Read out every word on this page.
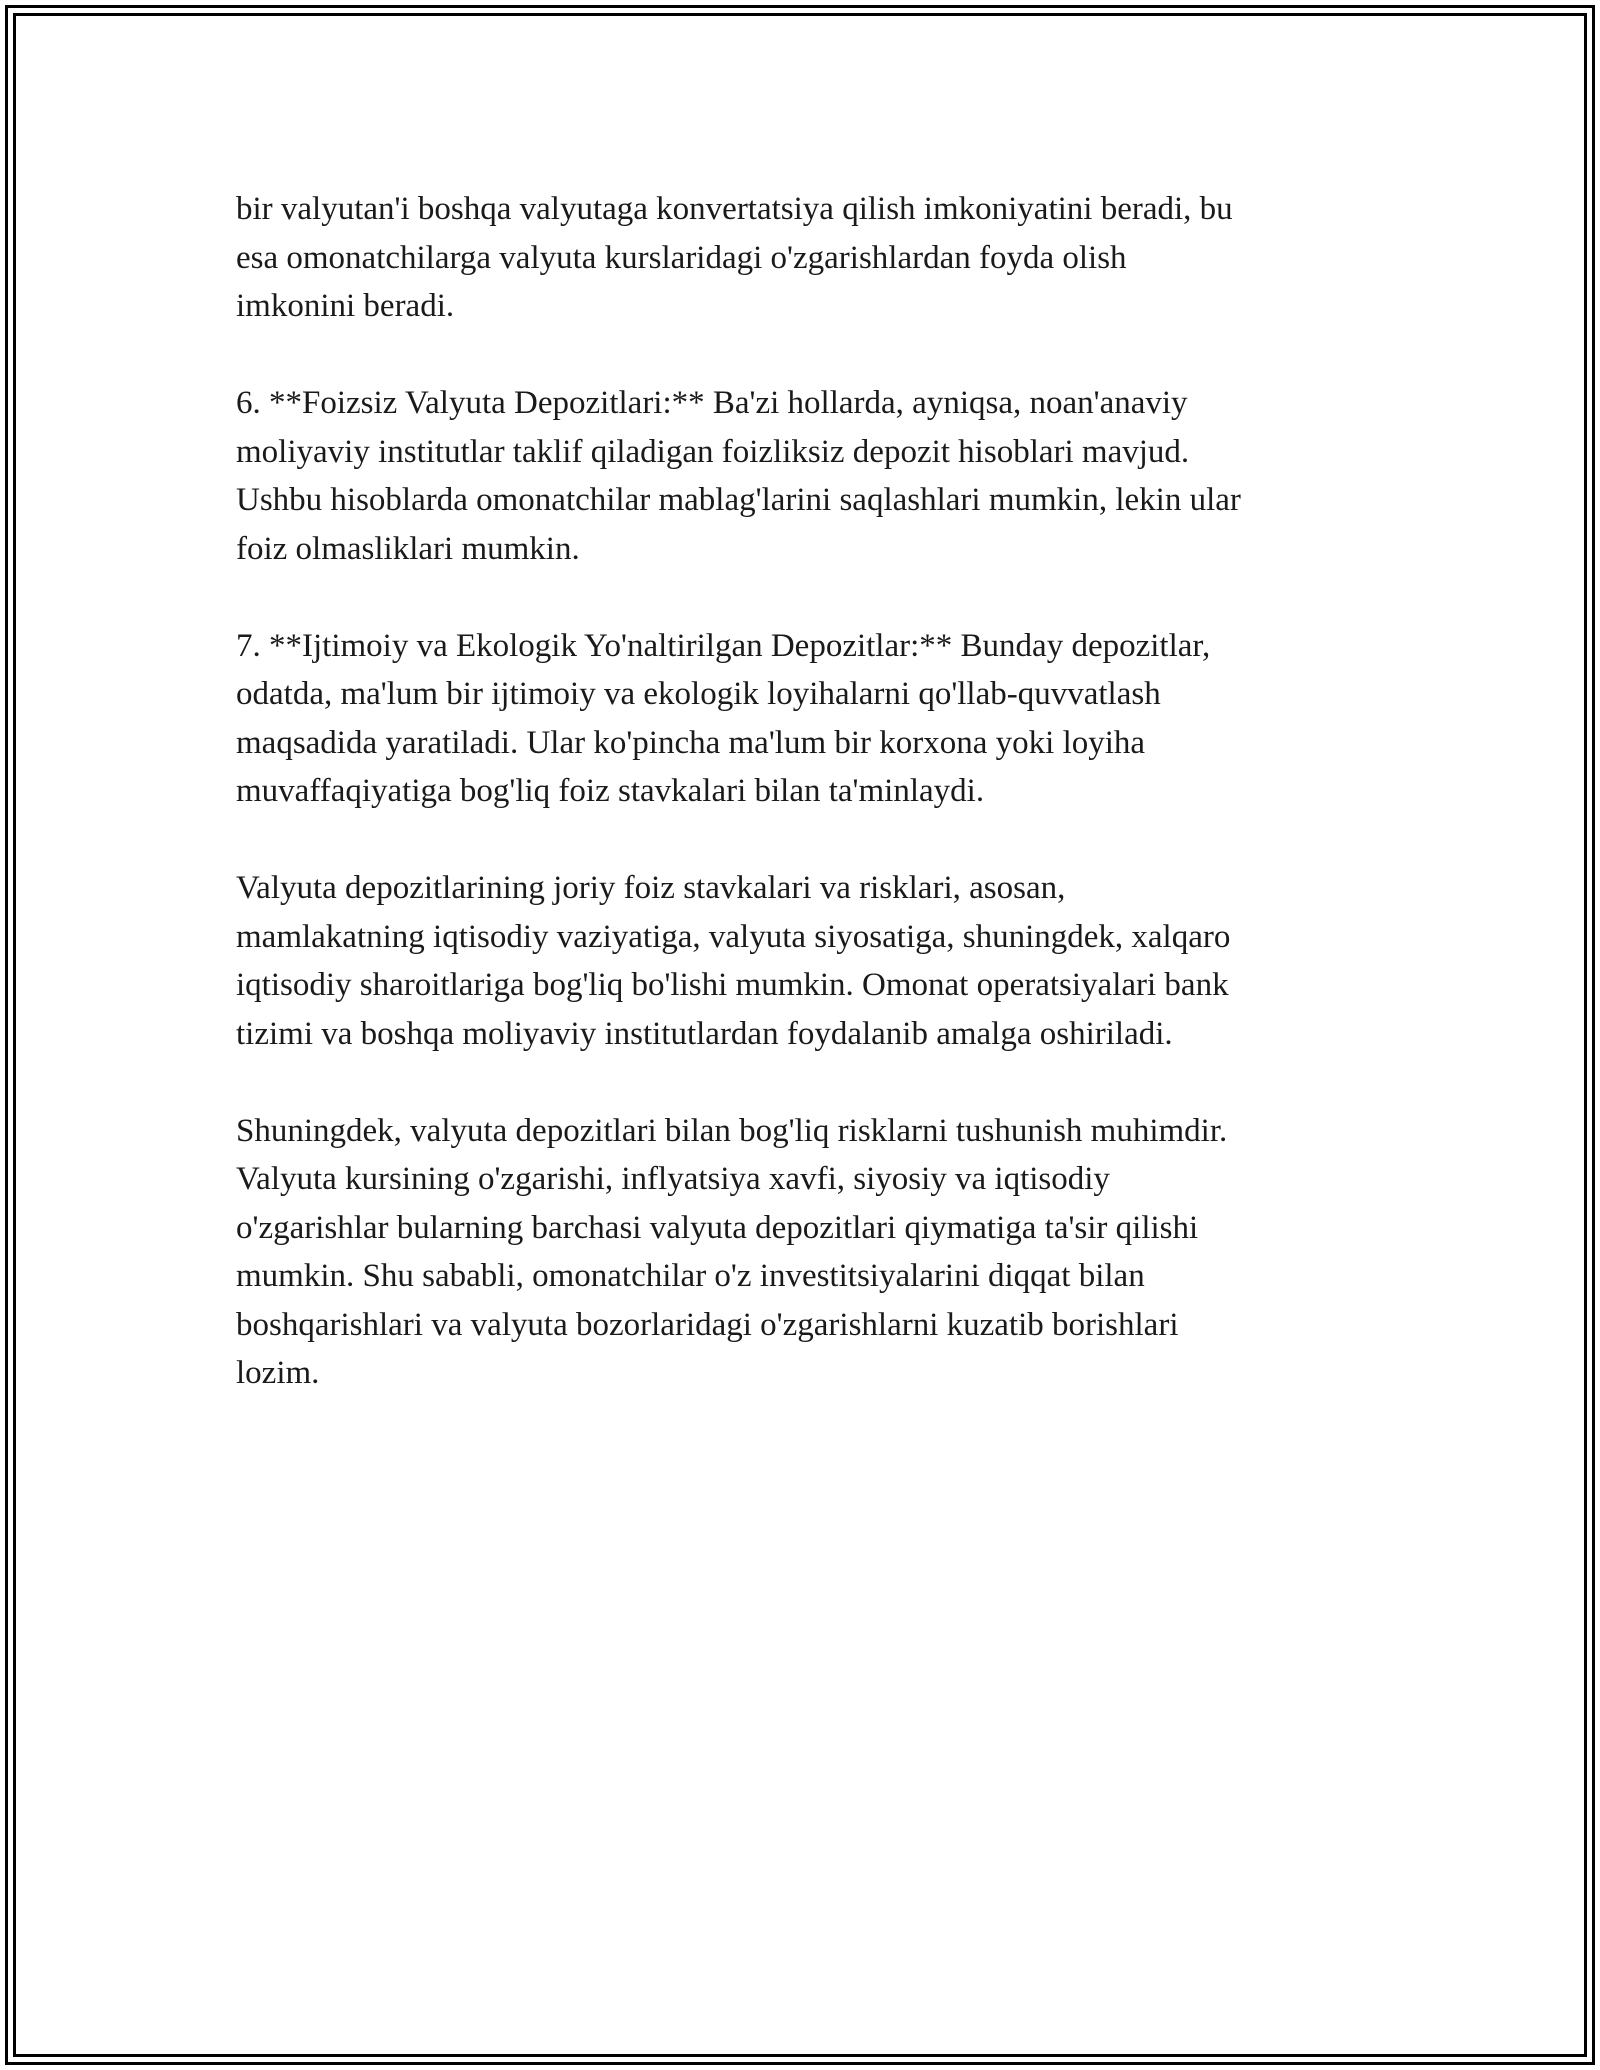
bir valyutan'i boshqa valyutaga konvertatsiya qilish imkoniyatini beradi, bu
esa omonatchilarga valyuta kurslaridagi o'zgarishlardan foyda olish
imkonini beradi.

6. **Foizsiz Valyuta Depozitlari:** Ba'zi hollarda, ayniqsa, noan'anaviy
moliyaviy institutlar taklif qiladigan foizliksiz depozit hisoblari mavjud.
Ushbu hisoblarda omonatchilar mablag'larini saqlashlari mumkin, lekin ular
foiz olmasliklari mumkin.

7. **Ijtimoiy va Ekologik Yo'naltirilgan Depozitlar:** Bunday depozitlar,
odatda, ma'lum bir ijtimoiy va ekologik loyihalarni qo'llab-quvvatlash
maqsadida yaratiladi. Ular ko'pincha ma'lum bir korxona yoki loyiha
muvaffaqiyatiga bog'liq foiz stavkalari bilan ta'minlaydi.

Valyuta depozitlarining joriy foiz stavkalari va risklari, asosan,
mamlakatning iqtisodiy vaziyatiga, valyuta siyosatiga, shuningdek, xalqaro
iqtisodiy sharoitlariga bog'liq bo'lishi mumkin. Omonat operatsiyalari bank
tizimi va boshqa moliyaviy institutlardan foydalanib amalga oshiriladi.

Shuningdek, valyuta depozitlari bilan bog'liq risklarni tushunish muhimdir.
Valyuta kursining o'zgarishi, inflyatsiya xavfi, siyosiy va iqtisodiy
o'zgarishlar bularning barchasi valyuta depozitlari qiymatiga ta'sir qilishi
mumkin. Shu sababli, omonatchilar o'z investitsiyalarini diqqat bilan
boshqarishlari va valyuta bozorlaridagi o'zgarishlarni kuzatib borishlari
lozim.
